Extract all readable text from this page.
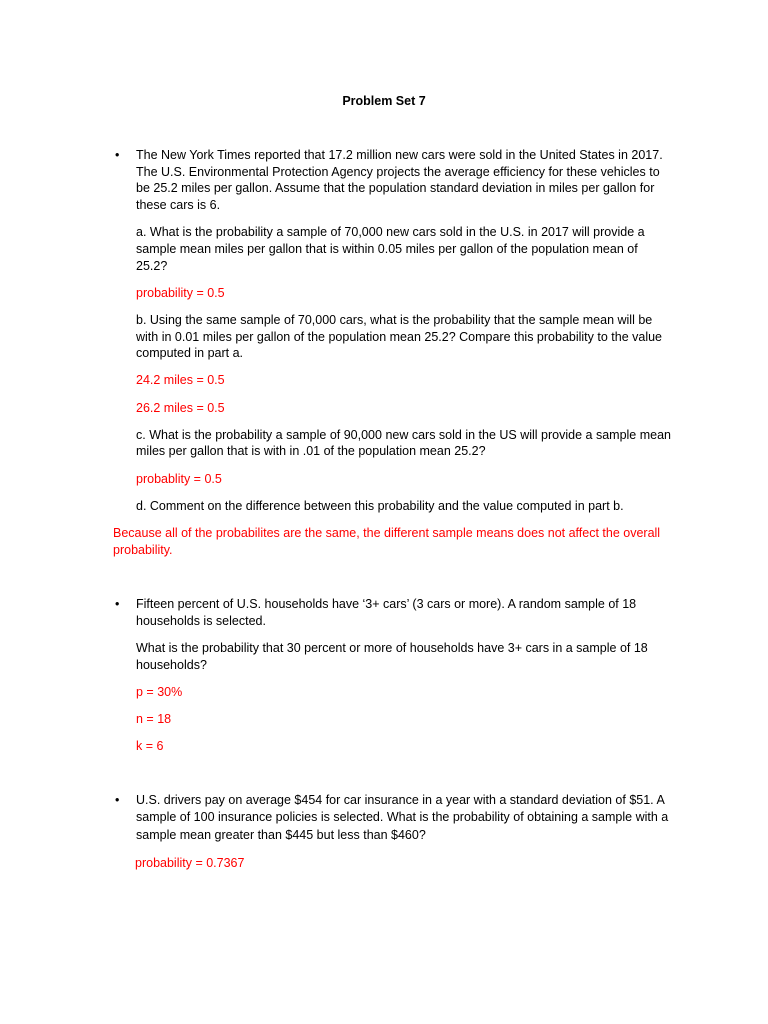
Problem Set 7
• The New York Times reported that 17.2 million new cars were sold in the United States in 2017.
The U.S. Environmental Protection Agency projects the average efficiency for these vehicles to
be 25.2 miles per gallon. Assume that the population standard deviation in miles per gallon for
these cars is 6.
a. What is the probability a sample of 70,000 new cars sold in the U.S. in 2017 will provide a
sample mean miles per gallon that is within 0.05 miles per gallon of the population mean of
25.2?
probability = 0.5
b. Using the same sample of 70,000 cars, what is the probability that the sample mean will be
with in 0.01 miles per gallon of the population mean 25.2? Compare this probability to the value
computed in part a.
24.2 miles = 0.5
26.2 miles = 0.5
c. What is the probability a sample of 90,000 new cars sold in the US will provide a sample mean
miles per gallon that is with in .01 of the population mean 25.2?
probablity = 0.5
d. Comment on the difference between this probability and the value computed in part b.
Because all of the probabilites are the same, the different sample means does not affect the overall
probability.
• Fifteen percent of U.S. households have ‘3+ cars’ (3 cars or more). A random sample of 18
households is selected.
What is the probability that 30 percent or more of households have 3+ cars in a sample of 18
households?
p = 30%
n = 18
k = 6
• U.S. drivers pay on average $454 for car insurance in a year with a standard deviation of $51. A
sample of 100 insurance policies is selected. What is the probability of obtaining a sample with a
sample mean greater than $445 but less than $460?
probability = 0.7367
